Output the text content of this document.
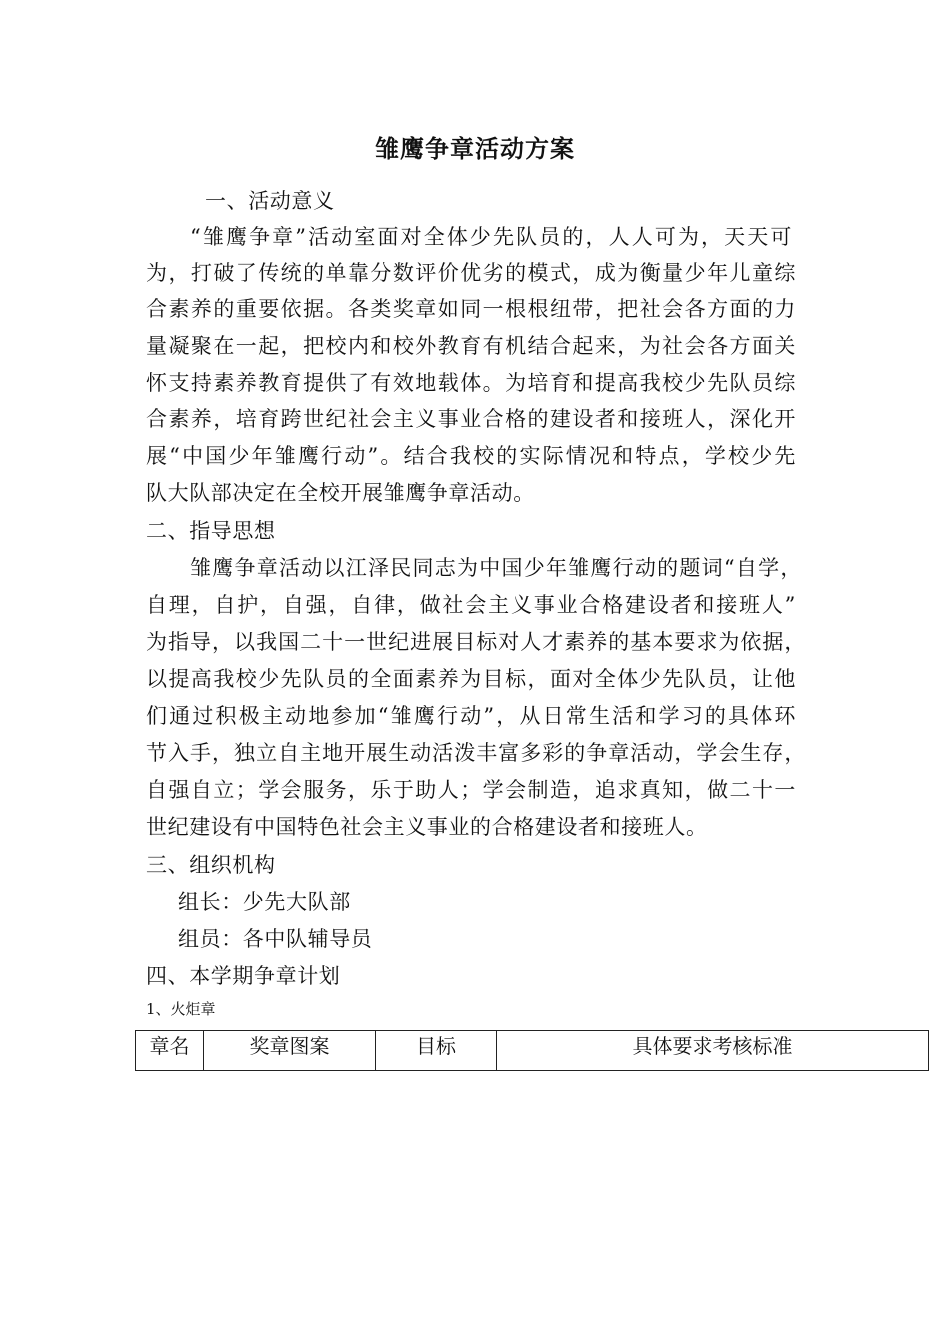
雏鹰争章活动方案
一、活动意义
“雏鹰争章”活动室面对全体少先队员的，人人可为，天天可
为，打破了传统的单靠分数评价优劣的模式，成为衡量少年儿童综
合素养的重要依据。各类奖章如同一根根纽带，把社会各方面的力
量凝聚在一起，把校内和校外教育有机结合起来，为社会各方面关
怀支持素养教育提供了有效地载体。为培育和提高我校少先队员综
合素养，培育跨世纪社会主义事业合格的建设者和接班人，深化开
展“中国少年雏鹰行动”。结合我校的实际情况和特点，学校少先
队大队部决定在全校开展雏鹰争章活动。
二、指导思想
雏鹰争章活动以江泽民同志为中国少年雏鹰行动的题词“自学，
自理，自护，自强，自律，做社会主义事业合格建设者和接班人”
为指导，以我国二十一世纪进展目标对人才素养的基本要求为依据，
以提高我校少先队员的全面素养为目标，面对全体少先队员，让他
们通过积极主动地参加“雏鹰行动”，从日常生活和学习的具体环
节入手，独立自主地开展生动活泼丰富多彩的争章活动，学会生存，
自强自立；学会服务，乐于助人；学会制造，追求真知，做二十一
世纪建设有中国特色社会主义事业的合格建设者和接班人。
三、组织机构
组长：少先大队部
组员：各中队辅导员
四、本学期争章计划
1、火炬章
章名	奖章图案	目标	具体要求考核标准
